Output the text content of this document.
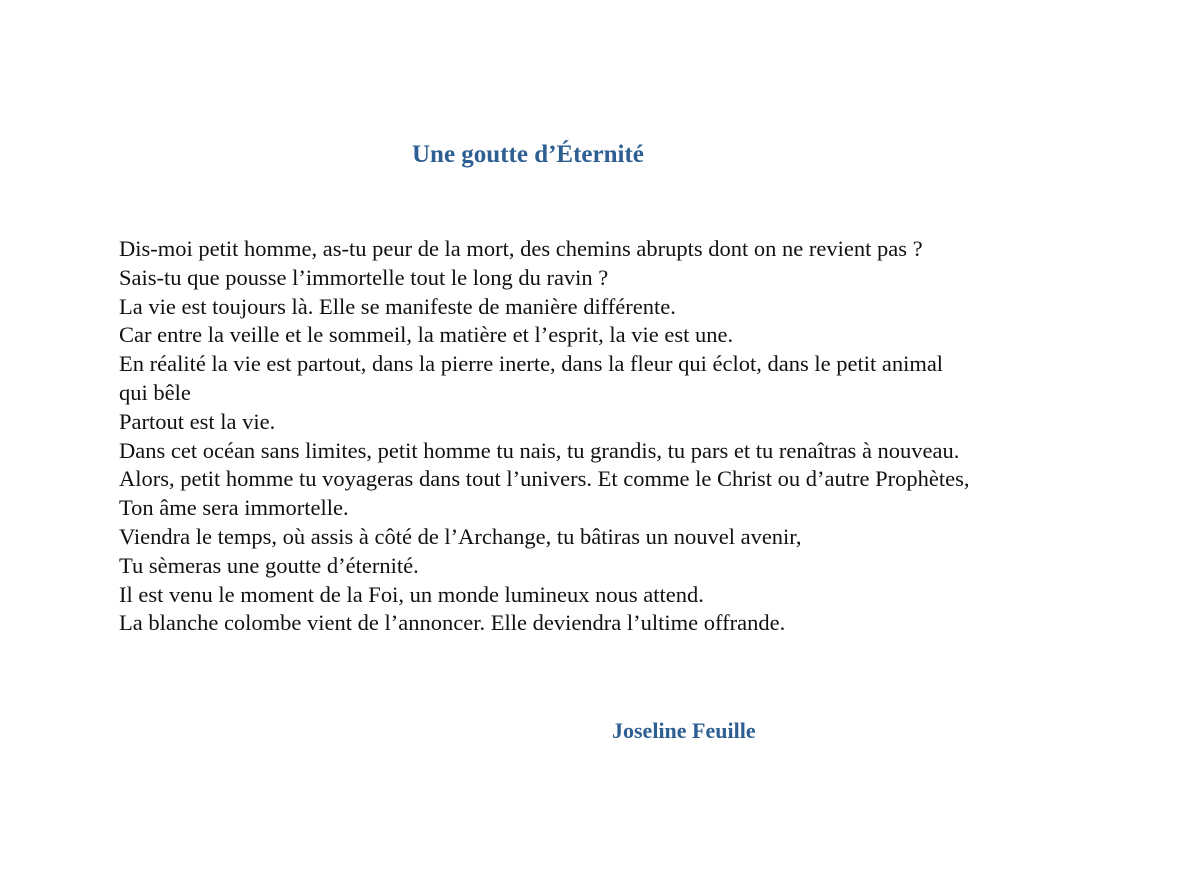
Une goutte d’Éternité
Dis-moi petit homme, as-tu peur de la mort, des chemins abrupts dont on ne revient pas ?
Sais-tu que pousse l’immortelle tout le long du ravin ?
La vie est toujours là. Elle se manifeste de manière différente.
Car entre la veille et le sommeil, la matière et l’esprit, la vie est une.
En réalité la vie est partout, dans la pierre inerte, dans la fleur qui éclot, dans le petit animal
qui bêle
Partout est la vie.
Dans cet océan sans limites, petit homme tu nais, tu grandis, tu pars et tu renaîtras à nouveau.
Alors, petit homme tu voyageras dans tout l’univers. Et comme le Christ ou d’autre Prophètes,
Ton âme sera immortelle.
Viendra le temps, où assis à côté de l’Archange, tu bâtiras un nouvel avenir,
Tu sèmeras une goutte d’éternité.
Il est venu le moment de la Foi, un monde lumineux nous attend.
La blanche colombe vient de l’annoncer. Elle deviendra l’ultime offrande.

Joseline Feuille
